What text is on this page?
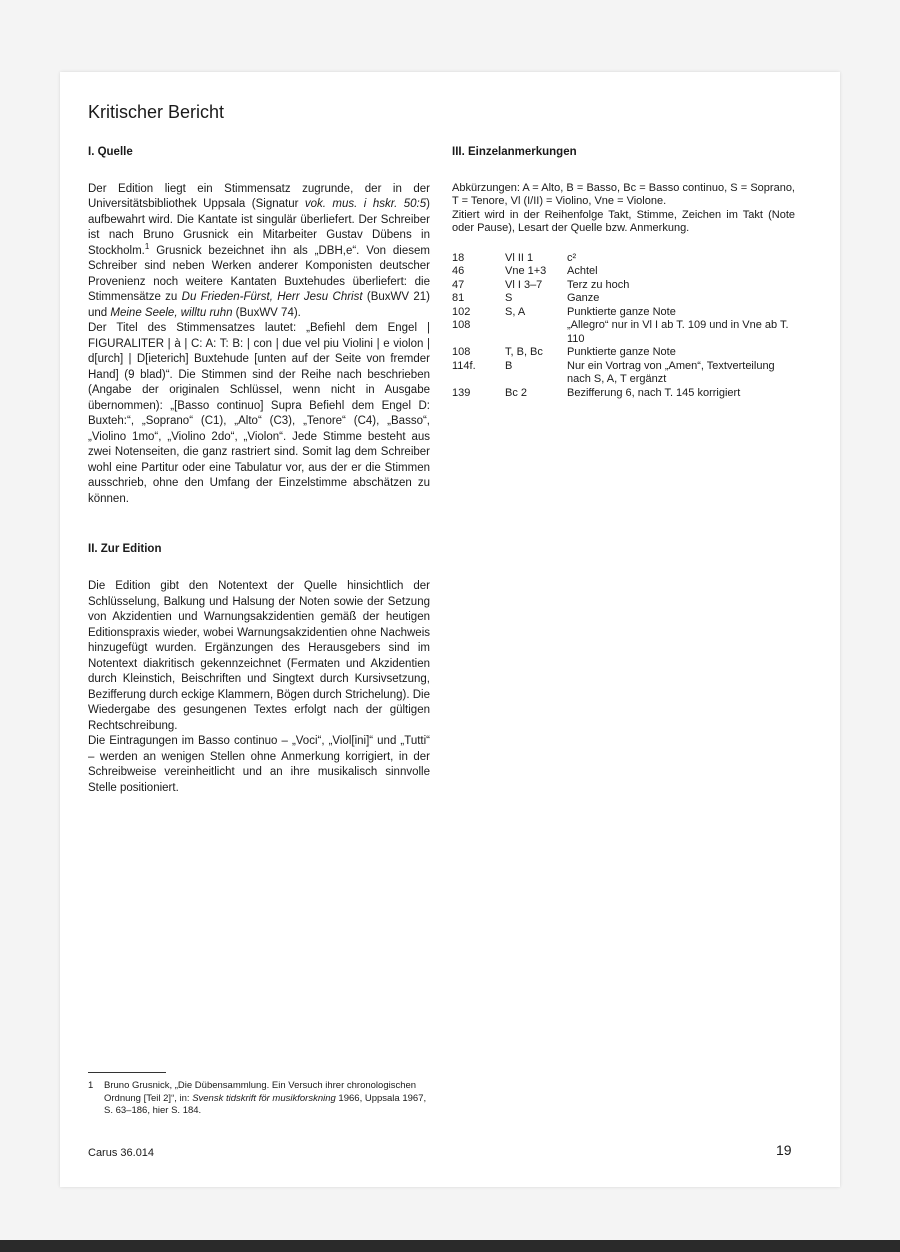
Kritischer Bericht
I. Quelle

Der Edition liegt ein Stimmensatz zugrunde, der in der Universitätsbibliothek Uppsala (Signatur vok. mus. i hskr. 50:5) aufbewahrt wird. Die Kantate ist singulär überliefert. Der Schreiber ist nach Bruno Grusnick ein Mitarbeiter Gustav Dübens in Stockholm.$^1$ Grusnick bezeichnet ihn als „DBH,e“. Von diesem Schreiber sind neben Werken anderer Komponisten deutscher Provenienz noch weitere Kantaten Buxtehudes überliefert: die Stimmensätze zu Du Frieden-Fürst, Herr Jesu Christ (BuxWV 21) und Meine Seele, willtu ruhn (BuxWV 74).

Der Titel des Stimmensatzes lautet: „Befiehl dem Engel | FIGURALITER | à | C: A: T: B: | con | due vel piu Violini | e violon | d[urch] | D[ieterich] Buxtehude [unten auf der Seite von fremder Hand] (9 blad)“. Die Stimmen sind der Reihe nach beschrieben (Angabe der originalen Schlüssel, wenn nicht in Ausgabe übernommen): „[Basso continuo] Supra Befiehl dem Engel D: Buxteh:“, „Soprano“ (C1), „Alto“ (C3), „Tenore“ (C4), „Basso“, „Violino 1mo“, „Violino 2do“, „Violon“. Jede Stimme besteht aus zwei Notenseiten, die ganz rastriert sind. Somit lag dem Schreiber wohl eine Partitur oder eine Tabulatur vor, aus der er die Stimmen ausschrieb, ohne den Umfang der Einzelstimme abschätzen zu können.

II. Zur Edition

Die Edition gibt den Notentext der Quelle hinsichtlich der Schlüsselung, Balkung und Halsung der Noten sowie der Setzung von Akzidentien und Warnungsakzidentien gemäß der heutigen Editionspraxis wieder, wobei Warnungsakzidentien ohne Nachweis hinzugefügt wurden. Ergänzungen des Herausgebers sind im Notentext diakritisch gekennzeichnet (Fermaten und Akzidentien durch Kleinstich, Beischriften und Singtext durch Kursivsetzung, Bezifferung durch eckige Klammern, Bögen durch Strichelung). Die Wiedergabe des gesungenen Textes erfolgt nach der gültigen Rechtschreibung.

Die Eintragungen im Basso continuo – „Voci“, „Viol[ini]“ und „Tutti“ – werden an wenigen Stellen ohne Anmerkung korrigiert, in der Schreibweise vereinheitlicht und an ihre musikalisch sinnvolle Stelle positioniert.

III. Einzelanmerkungen

Abkürzungen: A = Alto, B = Basso, Bc = Basso continuo, S = Soprano, T = Tenore, Vl (I/II) = Violino, Vne = Violone.
Zitiert wird in der Reihenfolge Takt, Stimme, Zeichen im Takt (Note oder Pause), Lesart der Quelle bzw. Anmerkung.

18	Vl II 1	c²
46	Vne 1+3	Achtel
47	Vl I 3–7	Terz zu hoch
81	S	Ganze
102	S, A	Punktierte ganze Note
108		„Allegro“ nur in Vl I ab T. 109 und in Vne ab T. 110
108	T, B, Bc	Punktierte ganze Note
114f.	B	Nur ein Vortrag von „Amen“, Textverteilung nach S, A, T ergänzt
139	Bc 2	Bezifferung 6, nach T. 145 korrigiert
1	Bruno Grusnick, „Die Dübensammlung. Ein Versuch ihrer chronologischen Ordnung [Teil 2]“, in: Svensk tidskrift för musikforskning 1966, Uppsala 1967, S. 63–186, hier S. 184.
Carus 36.014	19
